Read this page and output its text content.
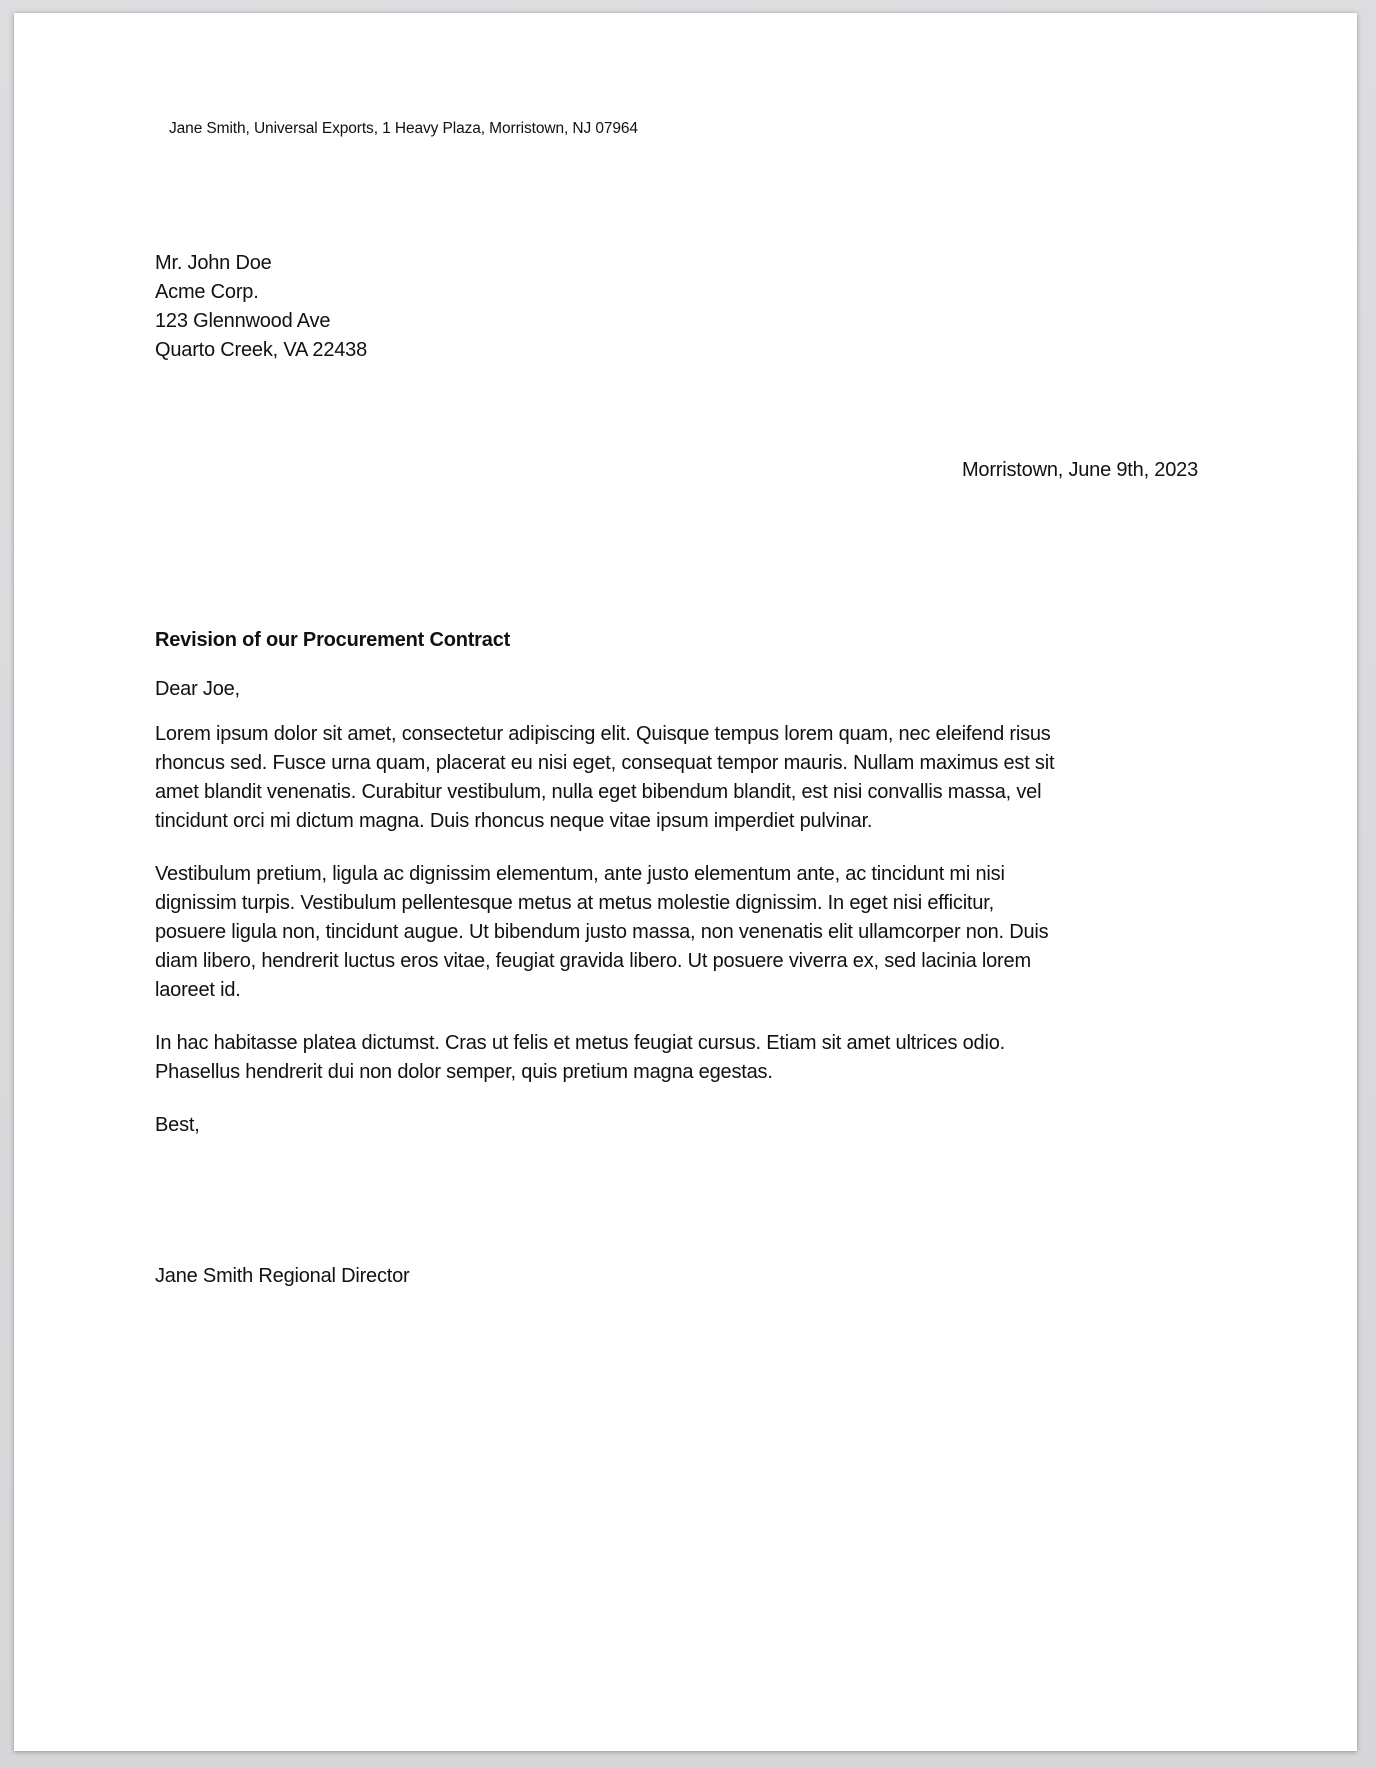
Jane Smith, Universal Exports, 1 Heavy Plaza, Morristown, NJ 07964
Mr. John Doe
Acme Corp.
123 Glennwood Ave
Quarto Creek, VA 22438
Morristown, June 9th, 2023

Revision of our Procurement Contract

Dear Joe,

Lorem ipsum dolor sit amet, consectetur adipiscing elit. Quisque tempus lorem quam, nec eleifend risus rhoncus sed. Fusce urna quam, placerat eu nisi eget, consequat tempor mauris. Nullam maximus est sit amet blandit venenatis. Curabitur vestibulum, nulla eget bibendum blandit, est nisi convallis massa, vel tincidunt orci mi dictum magna. Duis rhoncus neque vitae ipsum imperdiet pulvinar.

Vestibulum pretium, ligula ac dignissim elementum, ante justo elementum ante, ac tincidunt mi nisi dignissim turpis. Vestibulum pellentesque metus at metus molestie dignissim. In eget nisi efficitur, posuere ligula non, tincidunt augue. Ut bibendum justo massa, non venenatis elit ullamcorper non. Duis diam libero, hendrerit luctus eros vitae, feugiat gravida libero. Ut posuere viverra ex, sed lacinia lorem laoreet id.

In hac habitasse platea dictumst. Cras ut felis et metus feugiat cursus. Etiam sit amet ultrices odio. Phasellus hendrerit dui non dolor semper, quis pretium magna egestas.

Best,

Jane Smith Regional Director
